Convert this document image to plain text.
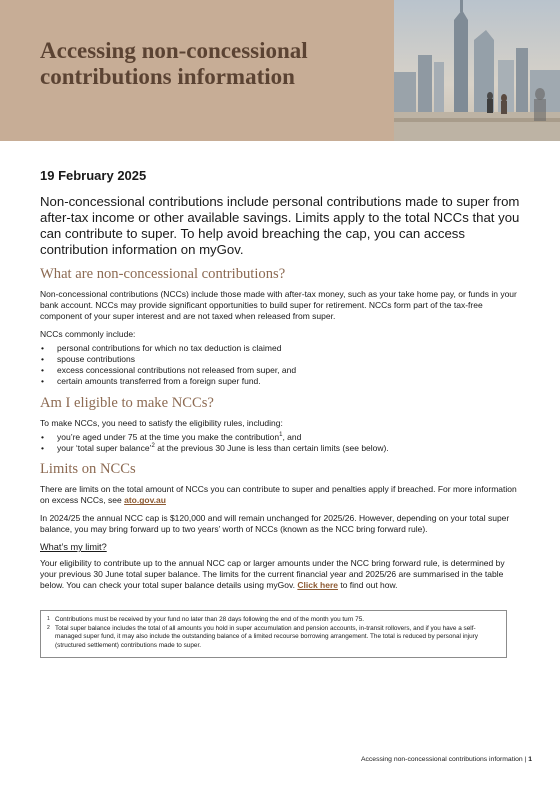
Accessing non-concessional
contributions information
19 February 2025

Non-concessional contributions include personal contributions made to super from after-tax income or other available savings. Limits apply to the total NCCs that you can contribute to super. To help avoid breaching the cap, you can access contribution information on myGov.

What are non-concessional contributions?

Non-concessional contributions (NCCs) include those made with after-tax money, such as your take home pay, or funds in your bank account. NCCs may provide significant opportunities to build super for retirement. NCCs form part of the tax-free component of your super interest and are not taxed when released from super.

NCCs commonly include:

• personal contributions for which no tax deduction is claimed
• spouse contributions
• excess concessional contributions not released from super, and
• certain amounts transferred from a foreign super fund.
Am I eligible to make NCCs?

To make NCCs, you need to satisfy the eligibility rules, including:

• you’re aged under 75 at the time you make the contribution$^1$, and
• your ‘total super balance’$^2$ at the previous 30 June is less than certain limits (see below).
Limits on NCCs

There are limits on the total amount of NCCs you can contribute to super and penalties apply if breached. For more information on excess NCCs, see ato.gov.au

In 2024/25 the annual NCC cap is $120,000 and will remain unchanged for 2025/26. However, depending on your total super balance, you may bring forward up to two years’ worth of NCCs (known as the NCC bring forward rule).

What’s my limit?

Your eligibility to contribute up to the annual NCC cap or larger amounts under the NCC bring forward rule, is determined by your previous 30 June total super balance. The limits for the current financial year and 2025/26 are summarised in the table below. You can check your total super balance details using myGov. Click here to find out how.

1 Contributions must be received by your fund no later than 28 days following the end of the month you turn 75.
2 Total super balance includes the total of all amounts you hold in super accumulation and pension accounts, in-transit rollovers, and if you have a self-managed super fund, it may also include the outstanding balance of a limited recourse borrowing arrangement. The total is reduced by personal injury (structured settlement) contributions made to super.
Accessing non-concessional contributions information | 1
